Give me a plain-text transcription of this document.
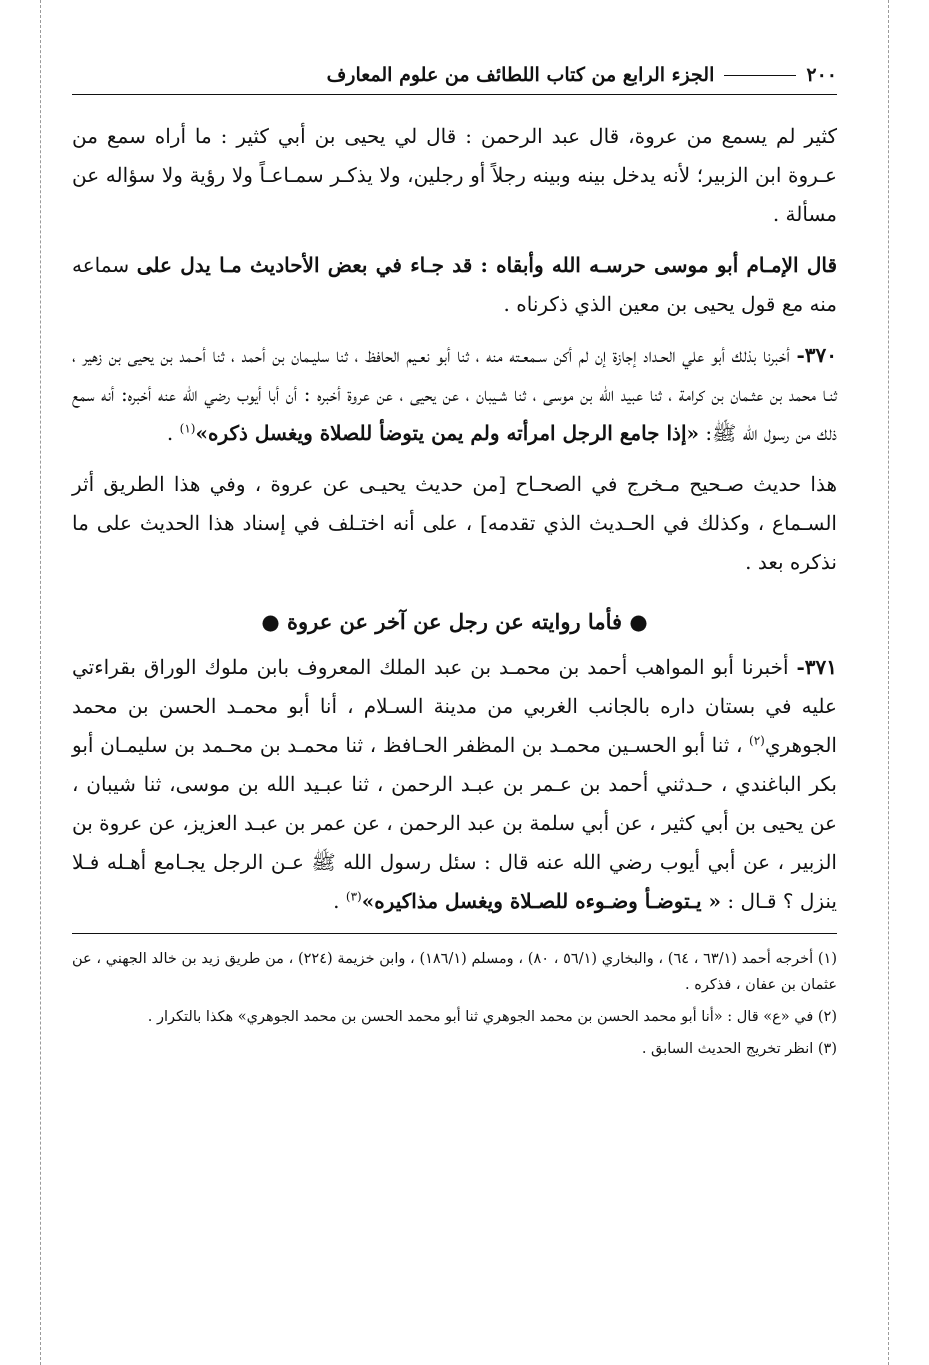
٢٠٠
الجزء الرابع من كتاب اللطائف من علوم المعارف

كثير لم يسمع من عروة، قال عبد الرحمن : قال لي يحيى بن أبي كثير : ما أراه سمع من عـروة ابن الزبير؛ لأنه يدخل بينه وبينه رجلاً أو رجلين، ولا يذكـر سمـاعـاً ولا رؤية ولا سؤاله عن مسألة .

قال الإمـام أبو موسى حرسـه الله وأبقاه : قد جـاء في بعض الأحاديث مـا يدل على سماعه منه مع قول يحيى بن معين الذي ذكرناه .

٣٧٠- أخبرنا بذلك أبو علي الحـداد إجازة إن لم أكن سـمعـته منه ، ثنا أبو نعـيم الحافظ ، ثنا سليـمان بن أحمد ، ثنا أحـمد بن يحيى بن زهير ، ثنـا محمد بن عثـمان بن كرامة ، ثنا عبيد الله بن موسى ، ثنا شـيبان ، عن يحيى ، عن عروة أخبره : أن أبا أيوب رضي الله عنه أخبره: أنه سمع ذلك من رسول الله ﷺ: «إذا جامع الرجل امرأته ولم يمن يتوضأ للصلاة ويغسل ذكره»$^{(١)}$ .

هذا حديث صـحيح مـخرج في الصحـاح [من حديث يحيـى عن عروة ، وفي هذا الطريق أثر السـماع ، وكذلك في الحـديث الذي تقدمه] ، على أنه اختـلف في إسناد هذا الحديث على ما نذكره بعد .

● فأما روايته عن رجل عن آخر عن عروة ●

٣٧١- أخبرنا أبو المواهب أحمد بن محمـد بن عبد الملك المعروف بابن ملوك الوراق بقراءتي عليه في بستان داره بالجانب الغربي من مدينة السـلام ، أنا أبو محمـد الحسن بن محمد الجوهري$^{(٢)}$ ، ثنا أبو الحسـين محمـد بن المظفر الحـافظ ، ثنا محمـد بن محـمد بن سليمـان أبو بكر الباغندي ، حـدثني أحمد بن عـمر بن عبـد الرحمن ، ثنا عبـيد الله بن موسى، ثنا شيبان ، عن يحيى بن أبي كثير ، عن أبي سلمة بن عبد الرحمن ، عن عمر بن عبـد العزيز، عن عروة بن الزبير ، عن أبي أيوب رضي الله عنه قال : سئل رسول الله ﷺ عـن الرجل يجـامع أهـله فـلا ينزل ؟ قـال : « يـتوضـأ وضـوءه للصـلاة ويغسل مذاكيره»$^{(٣)}$ .

(١) أخرجه أحمد (٦٣/١ ، ٦٤) ، والبخاري (٥٦/١ ، ٨٠) ، ومسلم (١٨٦/١) ، وابن خزيمة (٢٢٤) ، من طريق زيد بن خالد الجهني ، عن عثمان بن عفان ، فذكره .
(٢) في «ع» قال : «أنا أبو محمد الحسن بن محمد الجوهري ثنا أبو محمد الحسن بن محمد الجوهري» هكذا بالتكرار .
(٣) انظر تخريج الحديث السابق .
